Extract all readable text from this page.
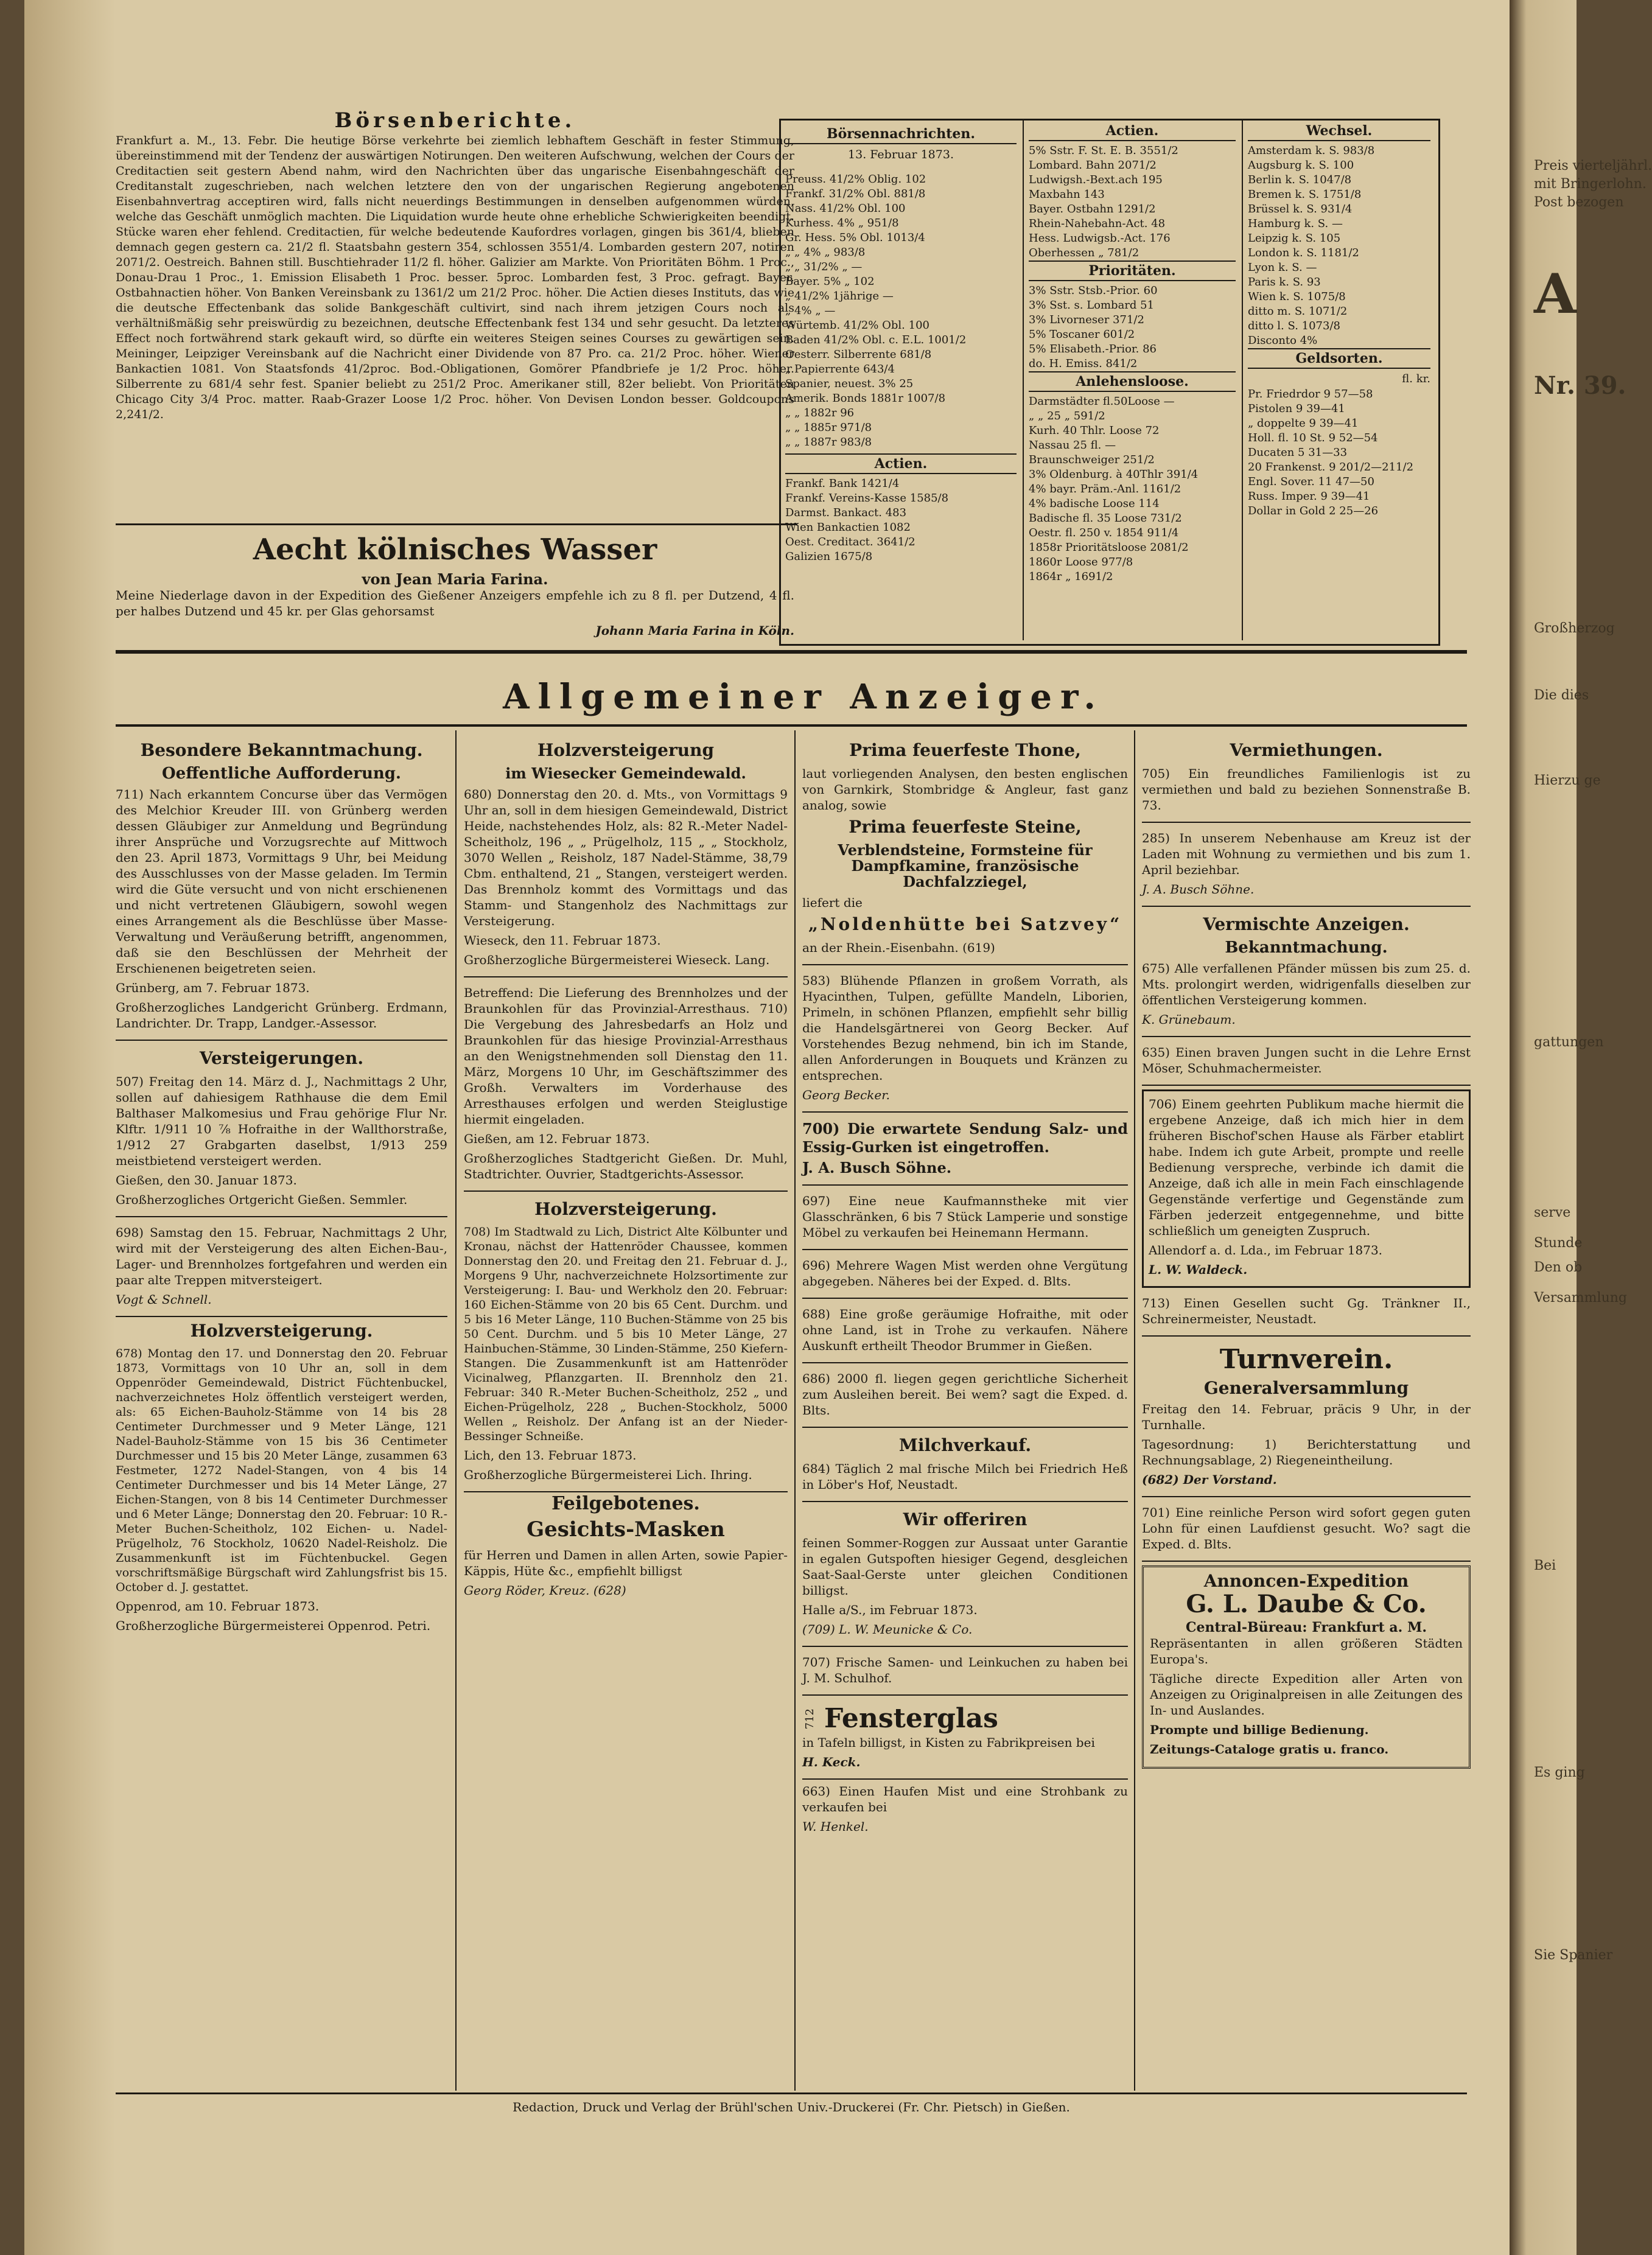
Börsenberichte.

Frankfurt a. M., 13. Febr. Die heutige Börse verkehrte bei ziemlich lebhaftem Geschäft in fester Stimmung, übereinstimmend mit der Tendenz der auswärtigen Notirungen. Den weiteren Aufschwung, welchen der Cours der Creditactien seit gestern Abend nahm, wird den Nachrichten über das ungarische Eisenbahngeschäft der Creditanstalt zugeschrieben, nach welchen letztere den von der ungarischen Regierung angebotenen Eisenbahnvertrag acceptiren wird, falls nicht neuerdings Bestimmungen in denselben aufgenommen würden, welche das Geschäft unmöglich machten. Die Liquidation wurde heute ohne erhebliche Schwierigkeiten beendigt. Stücke waren eher fehlend. Creditactien, für welche bedeutende Kaufordres vorlagen, gingen bis 361/4, blieben demnach gegen gestern ca. 21/2 fl. Staatsbahn gestern 354, schlossen 3551/4. Lombarden gestern 207, notiren 2071/2. Oestreich. Bahnen still. Buschtiehrader 11/2 fl. höher. Galizier am Markte. Von Prioritäten Böhm. 1 Proc., Donau-Drau 1 Proc., 1. Emission Elisabeth 1 Proc. besser. 5proc. Lombarden fest, 3 Proc. gefragt. Bayer. Ostbahnactien höher. Von Banken Vereinsbank zu 1361/2 um 21/2 Proc. höher. Die Actien dieses Instituts, das wie die deutsche Effectenbank das solide Bankgeschäft cultivirt, sind nach ihrem jetzigen Cours noch als verhältnißmäßig sehr preiswürdig zu bezeichnen, deutsche Effectenbank fest 134 und sehr gesucht. Da letzteres Effect noch fortwährend stark gekauft wird, so dürfte ein weiteres Steigen seines Courses zu gewärtigen sein. Meininger, Leipziger Vereinsbank auf die Nachricht einer Dividende von 87 Pro. ca. 21/2 Proc. höher. Wiener Bankactien 1081. Von Staatsfonds 41/2proc. Bod.-Obligationen, Gomörer Pfandbriefe je 1/2 Proc. höher. Silberrente zu 681/4 sehr fest. Spanier beliebt zu 251/2 Proc. Amerikaner still, 82er beliebt. Von Prioritäten Chicago City 3/4 Proc. matter. Raab-Grazer Loose 1/2 Proc. höher. Von Devisen London besser. Goldcoupons 2,241/2.

Aecht kölnisches Wasser
von Jean Maria Farina.

Meine Niederlage davon in der Expedition des Gießener Anzeigers empfehle ich zu 8 fl. per Dutzend, 4 fl. per halbes Dutzend und 45 kr. per Glas gehorsamst

Johann Maria Farina in Köln.
Börsennachrichten.
13. Februar 1873.
Preuss. 41/2% Oblig. 102
Frankf. 31/2% Obl. 881/8
Nass. 41/2% Obl. 100
Kurhess. 4% „ 951/8
Gr. Hess. 5% Obl. 1013/4
„ „ 4% „ 983/8
„ „ 31/2% „ —
Bayer. 5% „ 102
„ 41/2% 1jährige —
„ 4% „ —
Würtemb. 41/2% Obl. 100
Baden 41/2% Obl. c. E.L. 1001/2
Oesterr. Silberrente 681/8
„ Papierrente 643/4
Spanier, neuest. 3% 25
Amerik. Bonds 1881r 1007/8
„ „ 1882r 96
„ „ 1885r 971/8
„ „ 1887r 983/8
Actien.
Frankf. Bank 1421/4
Frankf. Vereins-Kasse 1585/8
Darmst. Bankact. 483
Wien Bankactien 1082
Oest. Creditact. 3641/2
Galizien 1675/8
Actien.
5% Sstr. F. St. E. B. 3551/2
Lombard. Bahn 2071/2
Ludwigsh.-Bext.ach 195
Maxbahn 143
Bayer. Ostbahn 1291/2
Rhein-Nahebahn-Act. 48
Hess. Ludwigsb.-Act. 176
Oberhessen „ 781/2
Prioritäten.
3% Sstr. Stsb.-Prior. 60
3% Sst. s. Lombard 51
3% Livorneser 371/2
5% Toscaner 601/2
5% Elisabeth.-Prior. 86
do. H. Emiss. 841/2
Anlehensloose.
Darmstädter fl.50Loose —
„ „ 25 „ 591/2
Kurh. 40 Thlr. Loose 72
Nassau 25 fl. —
Braunschweiger 251/2
3% Oldenburg. à 40Thlr 391/4
4% bayr. Präm.-Anl. 1161/2
4% badische Loose 114
Badische fl. 35 Loose 731/2
Oestr. fl. 250 v. 1854 911/4
1858r Prioritätsloose 2081/2
1860r Loose 977/8
1864r „ 1691/2
Wechsel.
Amsterdam k. S. 983/8
Augsburg k. S. 100
Berlin k. S. 1047/8
Bremen k. S. 1751/8
Brüssel k. S. 931/4
Hamburg k. S. —
Leipzig k. S. 105
London k. S. 1181/2
Lyon k. S. —
Paris k. S. 93
Wien k. S. 1075/8
ditto m. S. 1071/2
ditto l. S. 1073/8
Disconto 4%
Geldsorten.
fl. kr.
Pr. Friedrdor 9 57—58
Pistolen 9 39—41
„ doppelte 9 39—41
Holl. fl. 10 St. 9 52—54
Ducaten 5 31—33
20 Frankenst. 9 201/2—211/2
Engl. Sover. 11 47—50
Russ. Imper. 9 39—41
Dollar in Gold 2 25—26
Allgemeiner Anzeiger.
Besondere Bekanntmachung.
Oeffentliche Aufforderung.

711) Nach erkanntem Concurse über das Vermögen des Melchior Kreuder III. von Grünberg werden dessen Gläubiger zur Anmeldung und Begründung ihrer Ansprüche und Vorzugsrechte auf Mittwoch den 23. April 1873, Vormittags 9 Uhr, bei Meidung des Ausschlusses von der Masse geladen. Im Termin wird die Güte versucht und von nicht erschienenen und nicht vertretenen Gläubigern, sowohl wegen eines Arrangement als die Beschlüsse über Masse-Verwaltung und Veräußerung betrifft, angenommen, daß sie den Beschlüssen der Mehrheit der Erschienenen beigetreten seien.

Grünberg, am 7. Februar 1873.

Großherzogliches Landgericht Grünberg. Erdmann, Landrichter. Dr. Trapp, Landger.-Assessor.

Versteigerungen.

507) Freitag den 14. März d. J., Nachmittags 2 Uhr, sollen auf dahiesigem Rathhause die dem Emil Balthaser Malkomesius und Frau gehörige Flur Nr. Klftr. 1/911 10 ⅞ Hofraithe in der Wallthorstraße, 1/912 27 Grabgarten daselbst, 1/913 259 meistbietend versteigert werden.

Gießen, den 30. Januar 1873.

Großherzogliches Ortgericht Gießen. Semmler.

698) Samstag den 15. Februar, Nachmittags 2 Uhr, wird mit der Versteigerung des alten Eichen-Bau-, Lager- und Brennholzes fortgefahren und werden ein paar alte Treppen mitversteigert.

Vogt & Schnell.

Holzversteigerung.

678) Montag den 17. und Donnerstag den 20. Februar 1873, Vormittags von 10 Uhr an, soll in dem Oppenröder Gemeindewald, District Füchtenbuckel, nachverzeichnetes Holz öffentlich versteigert werden, als: 65 Eichen-Bauholz-Stämme von 14 bis 28 Centimeter Durchmesser und 9 Meter Länge, 121 Nadel-Bauholz-Stämme von 15 bis 36 Centimeter Durchmesser und 15 bis 20 Meter Länge, zusammen 63 Festmeter, 1272 Nadel-Stangen, von 4 bis 14 Centimeter Durchmesser und bis 14 Meter Länge, 27 Eichen-Stangen, von 8 bis 14 Centimeter Durchmesser und 6 Meter Länge; Donnerstag den 20. Februar: 10 R.-Meter Buchen-Scheitholz, 102 Eichen- u. Nadel-Prügelholz, 76 Stockholz, 10620 Nadel-Reisholz. Die Zusammenkunft ist im Füchtenbuckel. Gegen vorschriftsmäßige Bürgschaft wird Zahlungsfrist bis 15. October d. J. gestattet.

Oppenrod, am 10. Februar 1873.

Großherzogliche Bürgermeisterei Oppenrod. Petri.

Holzversteigerung
im Wiesecker Gemeindewald.

680) Donnerstag den 20. d. Mts., von Vormittags 9 Uhr an, soll in dem hiesigen Gemeindewald, District Heide, nachstehendes Holz, als: 82 R.-Meter Nadel-Scheitholz, 196 „ „ Prügelholz, 115 „ „ Stockholz, 3070 Wellen „ Reisholz, 187 Nadel-Stämme, 38,79 Cbm. enthaltend, 21 „ Stangen, versteigert werden. Das Brennholz kommt des Vormittags und das Stamm- und Stangenholz des Nachmittags zur Versteigerung.

Wieseck, den 11. Februar 1873.

Großherzogliche Bürgermeisterei Wieseck. Lang.

Betreffend: Die Lieferung des Brennholzes und der Braunkohlen für das Provinzial-Arresthaus. 710) Die Vergebung des Jahresbedarfs an Holz und Braunkohlen für das hiesige Provinzial-Arresthaus an den Wenigstnehmenden soll Dienstag den 11. März, Morgens 10 Uhr, im Geschäftszimmer des Großh. Verwalters im Vorderhause des Arresthauses erfolgen und werden Steiglustige hiermit eingeladen.

Gießen, am 12. Februar 1873.

Großherzogliches Stadtgericht Gießen. Dr. Muhl, Stadtrichter. Ouvrier, Stadtgerichts-Assessor.

Holzversteigerung.

708) Im Stadtwald zu Lich, District Alte Kölbunter und Kronau, nächst der Hattenröder Chaussee, kommen Donnerstag den 20. und Freitag den 21. Februar d. J., Morgens 9 Uhr, nachverzeichnete Holzsortimente zur Versteigerung: I. Bau- und Werkholz den 20. Februar: 160 Eichen-Stämme von 20 bis 65 Cent. Durchm. und 5 bis 16 Meter Länge, 110 Buchen-Stämme von 25 bis 50 Cent. Durchm. und 5 bis 10 Meter Länge, 27 Hainbuchen-Stämme, 30 Linden-Stämme, 250 Kiefern-Stangen. Die Zusammenkunft ist am Hattenröder Vicinalweg, Pflanzgarten. II. Brennholz den 21. Februar: 340 R.-Meter Buchen-Scheitholz, 252 „ und Eichen-Prügelholz, 228 „ Buchen-Stockholz, 5000 Wellen „ Reisholz. Der Anfang ist an der Nieder-Bessinger Schneiße.

Lich, den 13. Februar 1873.

Großherzogliche Bürgermeisterei Lich. Ihring.

Feilgebotenes.
Gesichts-Masken

für Herren und Damen in allen Arten, sowie Papier-Käppis, Hüte &c., empfiehlt billigst

Georg Röder, Kreuz. (628)

Prima feuerfeste Thone,

laut vorliegenden Analysen, den besten englischen von Garnkirk, Stombridge & Angleur, fast ganz analog, sowie

Prima feuerfeste Steine,
Verblendsteine, Formsteine für Dampfkamine, französische Dachfalzziegel,

liefert die

„Noldenhütte bei Satzvey“

an der Rhein.-Eisenbahn. (619)

583) Blühende Pflanzen in großem Vorrath, als Hyacinthen, Tulpen, gefüllte Mandeln, Liborien, Primeln, in schönen Pflanzen, empfiehlt sehr billig die Handelsgärtnerei von Georg Becker. Auf Vorstehendes Bezug nehmend, bin ich im Stande, allen Anforderungen in Bouquets und Kränzen zu entsprechen.

Georg Becker.

700) Die erwartete Sendung Salz- und Essig-Gurken ist eingetroffen.

J. A. Busch Söhne.

697) Eine neue Kaufmannstheke mit vier Glasschränken, 6 bis 7 Stück Lamperie und sonstige Möbel zu verkaufen bei Heinemann Hermann.

696) Mehrere Wagen Mist werden ohne Vergütung abgegeben. Näheres bei der Exped. d. Blts.

688) Eine große geräumige Hofraithe, mit oder ohne Land, ist in Trohe zu verkaufen. Nähere Auskunft ertheilt Theodor Brummer in Gießen.

686) 2000 fl. liegen gegen gerichtliche Sicherheit zum Ausleihen bereit. Bei wem? sagt die Exped. d. Blts.

Milchverkauf.

684) Täglich 2 mal frische Milch bei Friedrich Heß in Löber's Hof, Neustadt.

Wir offeriren

feinen Sommer-Roggen zur Aussaat unter Garantie in egalen Gutspoften hiesiger Gegend, desgleichen Saat-Saal-Gerste unter gleichen Conditionen billigst.

Halle a/S., im Februar 1873.

(709) L. W. Meunicke & Co.

707) Frische Samen- und Leinkuchen zu haben bei J. M. Schulhof.

712 Fensterglas

in Tafeln billigst, in Kisten zu Fabrikpreisen bei

H. Keck.

663) Einen Haufen Mist und eine Strohbank zu verkaufen bei

W. Henkel.

Vermiethungen.

705) Ein freundliches Familienlogis ist zu vermiethen und bald zu beziehen Sonnenstraße B. 73.

285) In unserem Nebenhause am Kreuz ist der Laden mit Wohnung zu vermiethen und bis zum 1. April beziehbar.

J. A. Busch Söhne.

Vermischte Anzeigen.
Bekanntmachung.

675) Alle verfallenen Pfänder müssen bis zum 25. d. Mts. prolongirt werden, widrigenfalls dieselben zur öffentlichen Versteigerung kommen.

K. Grünebaum.

635) Einen braven Jungen sucht in die Lehre Ernst Möser, Schuhmachermeister.

706) Einem geehrten Publikum mache hiermit die ergebene Anzeige, daß ich mich hier in dem früheren Bischof'schen Hause als Färber etablirt habe. Indem ich gute Arbeit, prompte und reelle Bedienung verspreche, verbinde ich damit die Anzeige, daß ich alle in mein Fach einschlagende Gegenstände verfertige und Gegenstände zum Färben jederzeit entgegennehme, und bitte schließlich um geneigten Zuspruch.

Allendorf a. d. Lda., im Februar 1873.

L. W. Waldeck.

713) Einen Gesellen sucht Gg. Tränkner II., Schreinermeister, Neustadt.

Turnverein.
Generalversammlung

Freitag den 14. Februar, präcis 9 Uhr, in der Turnhalle.

Tagesordnung: 1) Berichterstattung und Rechnungsablage, 2) Riegeneintheilung.

(682) Der Vorstand.

701) Eine reinliche Person wird sofort gegen guten Lohn für einen Laufdienst gesucht. Wo? sagt die Exped. d. Blts.

Annoncen-Expedition
G. L. Daube & Co.
Central-Büreau: Frankfurt a. M.

Repräsentanten in allen größeren Städten Europa's.

Tägliche directe Expedition aller Arten von Anzeigen zu Originalpreisen in alle Zeitungen des In- und Auslandes.

Prompte und billige Bedienung.

Zeitungs-Cataloge gratis u. franco.

Redaction, Druck und Verlag der Brühl'schen Univ.-Druckerei (Fr. Chr. Pietsch) in Gießen.
Preis vierteljährl.
mit Bringerlohn.
Post bezogen
A
Nr. 39.
Großherzog
Die dies
Hierzu ge
gattungen
serve
Stunde
Den ob
Versammlung
Bei
Es ging
Sie Spanier
